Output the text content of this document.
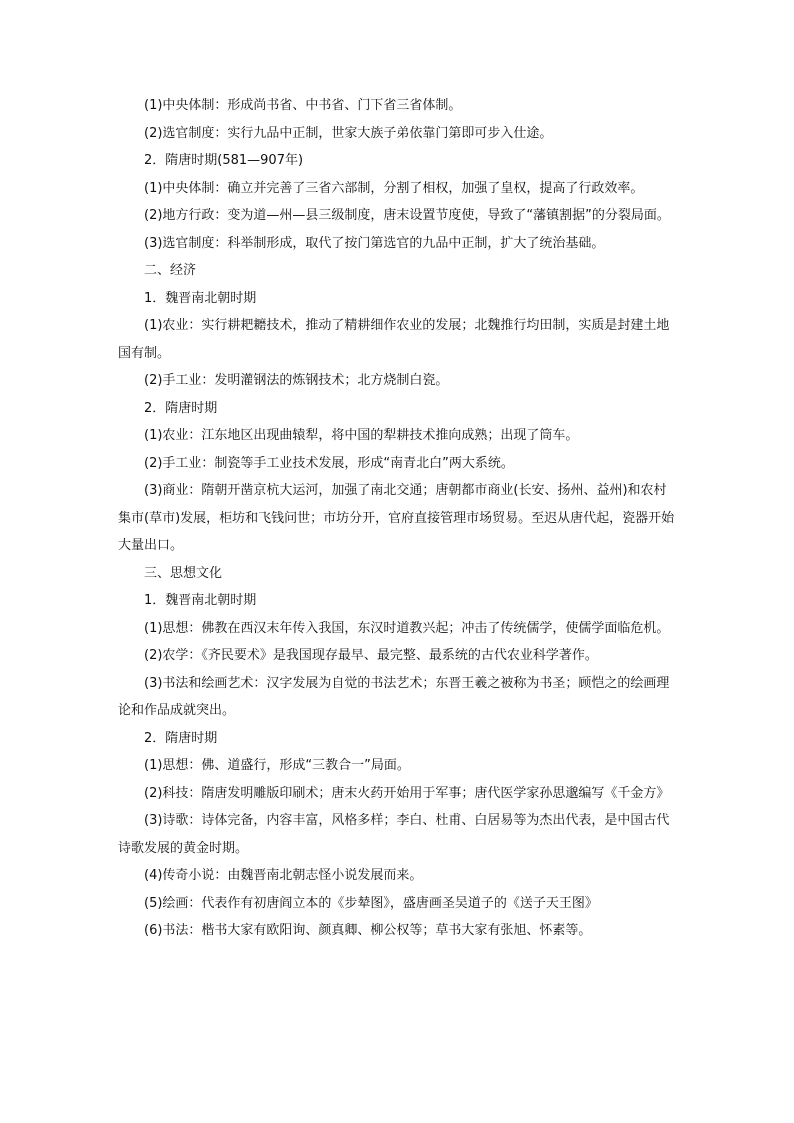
(1)中央体制：形成尚书省、中书省、门下省三省体制。

(2)选官制度：实行九品中正制，世家大族子弟依靠门第即可步入仕途。

2．隋唐时期(581—907年)

(1)中央体制：确立并完善了三省六部制，分割了相权，加强了皇权，提高了行政效率。

(2)地方行政：变为道—州—县三级制度，唐末设置节度使，导致了“藩镇割据”的分裂局面。

(3)选官制度：科举制形成，取代了按门第选官的九品中正制，扩大了统治基础。

二、经济

1．魏晋南北朝时期

(1)农业：实行耕耙耱技术，推动了精耕细作农业的发展；北魏推行均田制，实质是封建土地国有制。

(2)手工业：发明灌钢法的炼钢技术；北方烧制白瓷。

2．隋唐时期

(1)农业：江东地区出现曲辕犁，将中国的犁耕技术推向成熟；出现了筒车。

(2)手工业：制瓷等手工业技术发展，形成“南青北白”两大系统。

(3)商业：隋朝开凿京杭大运河，加强了南北交通；唐朝都市商业(长安、扬州、益州)和农村集市(草市)发展，柜坊和飞钱问世；市坊分开，官府直接管理市场贸易。至迟从唐代起，瓷器开始大量出口。

三、思想文化

1．魏晋南北朝时期

(1)思想：佛教在西汉末年传入我国，东汉时道教兴起；冲击了传统儒学，使儒学面临危机。

(2)农学：《齐民要术》是我国现存最早、最完整、最系统的古代农业科学著作。

(3)书法和绘画艺术：汉字发展为自觉的书法艺术；东晋王羲之被称为书圣；顾恺之的绘画理论和作品成就突出。

2．隋唐时期

(1)思想：佛、道盛行，形成“三教合一”局面。

(2)科技：隋唐发明雕版印刷术；唐末火药开始用于军事；唐代医学家孙思邈编写《千金方》

(3)诗歌：诗体完备，内容丰富，风格多样；李白、杜甫、白居易等为杰出代表，是中国古代诗歌发展的黄金时期。

(4)传奇小说：由魏晋南北朝志怪小说发展而来。

(5)绘画：代表作有初唐阎立本的《步辇图》，盛唐画圣吴道子的《送子天王图》

(6)书法：楷书大家有欧阳询、颜真卿、柳公权等；草书大家有张旭、怀素等。
